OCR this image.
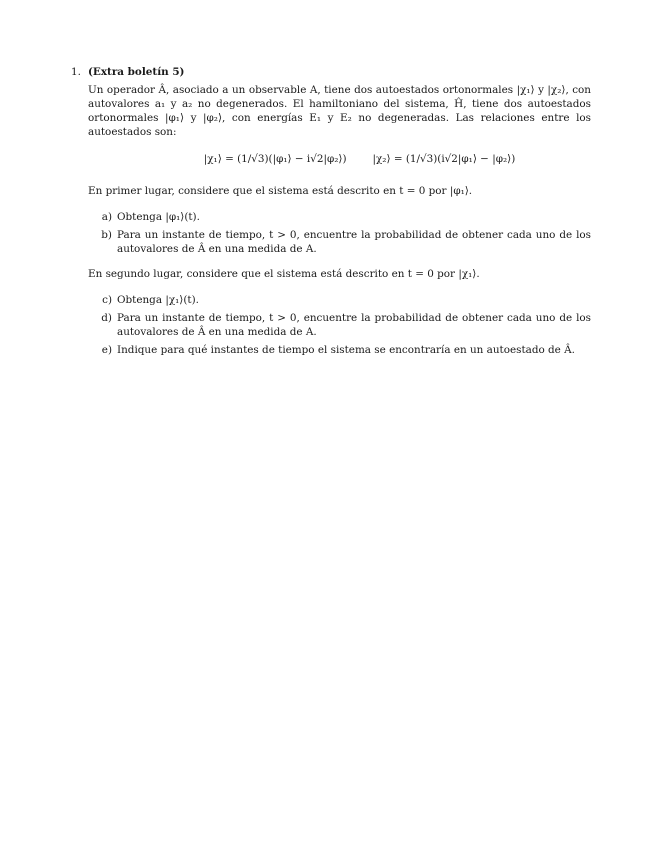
1. (Extra boletín 5)

Un operador Â, asociado a un observable A, tiene dos autoestados ortonormales |χ₁⟩ y |χ₂⟩, con autovalores a₁ y a₂ no degenerados. El hamiltoniano del sistema, Ĥ, tiene dos autoestados ortonormales |φ₁⟩ y |φ₂⟩, con energías E₁ y E₂ no degeneradas. Las relaciones entre los autoestados son:

|χ₁⟩ = (1/√3)(|φ₁⟩ − i√2|φ₂⟩)	|χ₂⟩ = (1/√3)(i√2|φ₁⟩ − |φ₂⟩)

En primer lugar, considere que el sistema está descrito en t = 0 por |φ₁⟩.

a) Obtenga |φ₁⟩(t).
b) Para un instante de tiempo, t > 0, encuentre la probabilidad de obtener cada uno de los autovalores de Â en una medida de A.

En segundo lugar, considere que el sistema está descrito en t = 0 por |χ₁⟩.

c) Obtenga |χ₁⟩(t).
d) Para un instante de tiempo, t > 0, encuentre la probabilidad de obtener cada uno de los autovalores de Â en una medida de A.
e) Indique para qué instantes de tiempo el sistema se encontraría en un autoestado de Â.
